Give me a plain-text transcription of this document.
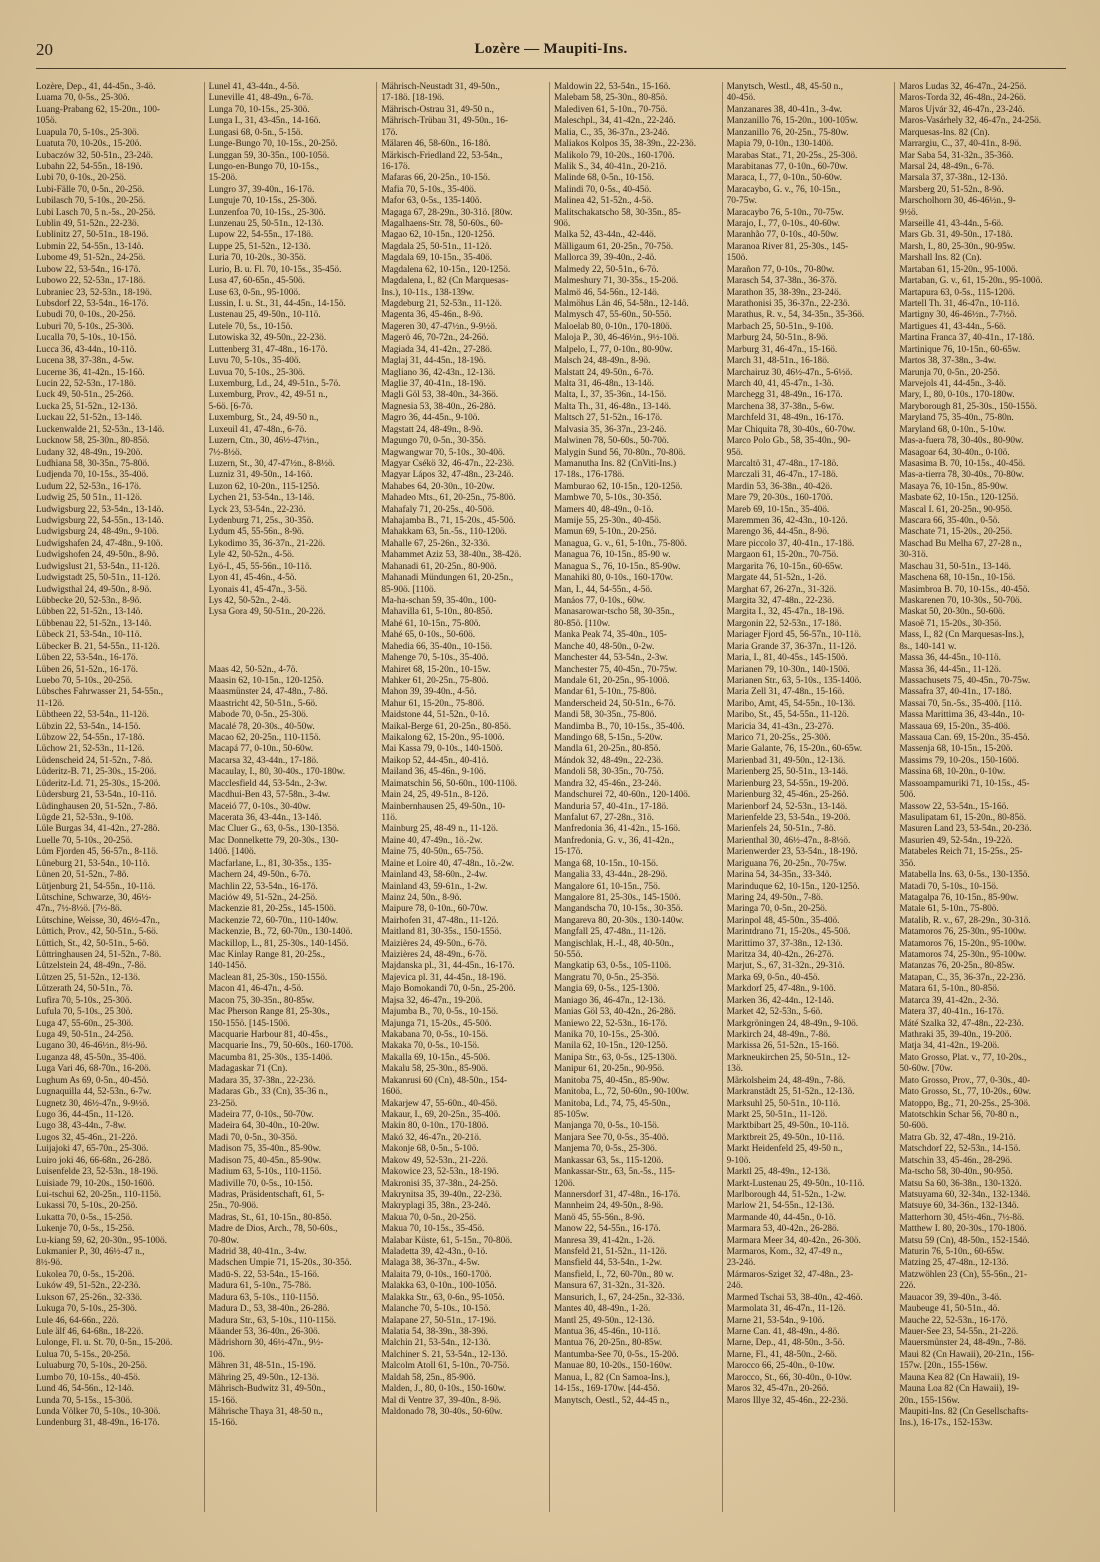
20	Lozère — Maupiti-Ins.
Lozère, Dep., 41, 44-45n., 3-4ö.
Luama 70, 0-5s., 25-30ö.
Luang-Prabang 62, 15-20n., 100-
105ö.
Luapula 70, 5-10s., 25-30ö.
Luatuta 70, 10-20s., 15-20ö.
Lubaczów 32, 50-51n., 23-24ö.
Lubahn 22, 54-55n., 18-19ö.
Lubi 70, 0-10s., 20-25ö.
Lubi-Fälle 70, 0-5n., 20-25ö.
Lubilasch 70, 5-10s., 20-25ö.
Lubi Lasch 70, 5 n.-5s., 20-25ö.
Lublin 49, 51-52n., 22-23ö.
Lublinitz 27, 50-51n., 18-19ö.
Lubmin 22, 54-55n., 13-14ö.
Lubome 49, 51-52n., 24-25ö.
Lubow 22, 53-54n., 16-17ö.
Lubowo 22, 52-53n., 17-18ö.
Lubraniec 23, 52-53n., 18-19ö.
Lubsdorf 22, 53-54n., 16-17ö.
Lubudi 70, 0-10s., 20-25ö.
Luburi 70, 5-10s., 25-30ö.
Lucalla 70, 5-10s., 10-15ö.
Lucca 36, 43-44n., 10-11ö.
Lucena 38, 37-38n., 4-5w.
Lucerne 36, 41-42n., 15-16ö.
Lucin 22, 52-53n., 17-18ö.
Luck 49, 50-51n., 25-26ö.
Lucka 25, 51-52n., 12-13ö.
Luckau 22, 51-52n., 13-14ö.
Luckenwalde 21, 52-53n., 13-14ö.
Lucknow 58, 25-30n., 80-85ö.
Ludany 32, 48-49n., 19-20ö.
Ludhiana 58, 30-35n., 75-80ö.
Ludjenda 70, 10-15s., 35-40ö.
Ludum 22, 52-53n., 16-17ö.
Ludwig 25, 50 51n., 11-12ö.
Ludwigsburg 22, 53-54n., 13-14ö.
Ludwigsburg 22, 54-55n., 13-14ö.
Ludwigsburg 24, 48-49n., 9-10ö.
Ludwigshafen 24, 47-48n., 9-10ö.
Ludwigshofen 24, 49-50n., 8-9ö.
Ludwigslust 21, 53-54n., 11-12ö.
Ludwigstadt 25, 50-51n., 11-12ö.
Ludwigsthal 24, 49-50n., 8-9ö.
Lübbecke 20, 52-53n., 8-9ö.
Lübben 22, 51-52n., 13-14ö.
Lübbenau 22, 51-52n., 13-14ö.
Lübeck 21, 53-54n., 10-11ö.
Lübecker B. 21, 54-55n., 11-12ö.
Lüben 22, 53-54n., 16-17ö.
Lüben 26, 51-52n., 16-17ö.
Luebo 70, 5-10s., 20-25ö.
Lübsches Fahrwasser 21, 54-55n.,
11-12ö.
Lübtheen 22, 53-54n., 11-12ö.
Lübzin 22, 53-54n., 14-15ö.
Lübzow 22, 54-55n., 17-18ö.
Lüchow 21, 52-53n., 11-12ö.
Lüdenscheid 24, 51-52n., 7-8ö.
Lüderitz-B. 71, 25-30s., 15-20ö.
Lüderitz-Ld. 71, 25-30s., 15-20ö.
Lüdersburg 21, 53-54n., 10-11ö.
Lüdinghausen 20, 51-52n., 7-8ö.
Lügde 21, 52-53n., 9-10ö.
Lüle Burgas 34, 41-42n., 27-28ö.
Luelle 70, 5-10s., 20-25ö.
Lüm Fjorden 45, 56-57n., 8-11ö.
Lüneburg 21, 53-54n., 10-11ö.
Lünen 20, 51-52n., 7-8ö.
Lütjenburg 21, 54-55n., 10-11ö.
Lütschine, Schwarze, 30, 46½-
47n., 7½-8½ö. [7½-8ö.
Lütschine, Weisse, 30, 46½-47n.,
Lüttich, Prov., 42, 50-51n., 5-6ö.
Lüttich, St., 42, 50-51n., 5-6ö.
Lüttringhausen 24, 51-52n., 7-8ö.
Lützelstein 24, 48-49n., 7-8ö.
Lützen 25, 51-52n., 12-13ö.
Lützerath 24, 50-51n., 7ö.
Lufira 70, 5-10s., 25-30ö.
Lufula 70, 5-10s., 25 30ö.
Luga 47, 55-60n., 25-30ö.
Luga 49, 50-51n., 24-25ö.
Lugano 30, 46-46½n., 8½-9ö.
Luganza 48, 45-50n., 35-40ö.
Luga Vari 46, 68-70n., 16-20ö.
Lughum As 69, 0-5n., 40-45ö.
Lugnaquilla 44, 52-53n., 6-7w.
Lugnetz 30, 46½-47n., 9-9½ö.
Lugo 36, 44-45n., 11-12ö.
Lugo 38, 43-44n., 7-8w.
Lugos 32, 45-46n., 21-22ö.
Luijajoki 47, 65-70n., 25-30ö.
Luiro joki 46, 66-68n., 26-28ö.
Luisenfelde 23, 52-53n., 18-19ö.
Luisiade 79, 10-20s., 150-160ö.
Lui-tschui 62, 20-25n., 110-115ö.
Lukassi 70, 5-10s., 20-25ö.
Lukatta 70, 0-5s., 15-25ö.
Lukenje 70, 0-5s., 15-25ö.
Lu-kiang 59, 62, 20-30n., 95-100ö.
Lukmanier P., 30, 46½-47 n.,
8½-9ö.
Lukolea 70, 0-5s., 15-20ö.
Luków 49, 51-52n., 22-23ö.
Lukson 67, 25-26n., 32-33ö.
Lukuga 70, 5-10s., 25-30ö.
Lule 46, 64-66n., 22ö.
Lule älf 46, 64-68n., 18-22ö.
Lulonge, Fl. u. St. 70, 0-5n., 15-20ö.
Lulua 70, 5-15s., 20-25ö.
Luluaburg 70, 5-10s., 20-25ö.
Lumbo 70, 10-15s., 40-45ö.
Lund 46, 54-56n., 12-14ö.
Lunda 70, 5-15s., 15-30ö.
Lunda Völker 70, 5-10s., 10-30ö.
Lundenburg 31, 48-49n., 16-17ö.
Lunel 41, 43-44n., 4-5ö.
Luneville 41, 48-49n., 6-7ö.
Lunga 70, 10-15s., 25-30ö.
Lunga I., 31, 43-45n., 14-16ö.
Lungasi 68, 0-5n., 5-15ö.
Lunge-Bungo 70, 10-15s., 20-25ö.
Lunggan 59, 30-35n., 100-105ö.
Lungo-en-Bungo 70, 10-15s.,
15-20ö.
Lungro 37, 39-40n., 16-17ö.
Lunguje 70, 10-15s., 25-30ö.
Lunzenfoa 70, 10-15s., 25-30ö.
Lunzenau 25, 50-51n., 12-13ö.
Lupow 22, 54-55n., 17-18ö.
Luppe 25, 51-52n., 12-13ö.
Luria 70, 10-20s., 30-35ö.
Lurio, B. u. Fl. 70, 10-15s., 35-45ö.
Lusa 47, 60-65n., 45-50ö.
Luse 63, 0-5n., 95-100ö.
Lussin, I. u. St., 31, 44-45n., 14-15ö.
Lustenau 25, 49-50n., 10-11ö.
Lutele 70, 5s., 10-15ö.
Lutowiska 32, 49-50n., 22-23ö.
Luttenberg 31, 47-48n., 16-17ö.
Luvu 70, 5-10s., 35-40ö.
Luvua 70, 5-10s., 25-30ö.
Luxemburg, Ld., 24, 49-51n., 5-7ö.
Luxemburg, Prov., 42, 49-51 n.,
5-6ö. [6-7ö.
Luxemburg, St., 24, 49-50 n.,
Luxeuil 41, 47-48n., 6-7ö.
Luzern, Ctn., 30, 46½-47½n.,
7½-8½ö.
Luzern, St., 30, 47-47½n., 8-8½ö.
Luzniz 31, 49-50n., 14-16ö.
Luzon 62, 10-20n., 115-125ö.
Lychen 21, 53-54n., 13-14ö.
Lyck 23, 53-54n., 22-23ö.
Lydenburg 71, 25s., 30-35ö.
Lydum 45, 55-56n., 8-9ö.
Lykodimo 35, 36-37n., 21-22ö.
Lyle 42, 50-52n., 4-5ö.
Lyö-I., 45, 55-56n., 10-11ö.
Lyon 41, 45-46n., 4-5ö.
Lyonais 41, 45-47n., 3-5ö.
Lys 42, 50-52n., 2-4ö.
Lysa Gora 49, 50-51n., 20-22ö.

Maas 42, 50-52n., 4-7ö.
Maasin 62, 10-15n., 120-125ö.
Maasmünster 24, 47-48n., 7-8ö.
Maastricht 42, 50-51n., 5-6ö.
Mabode 70, 0-5n., 25-30ö.
Macalé 78, 20-30s., 40-50w.
Macao 62, 20-25n., 110-115ö.
Macapá 77, 0-10n., 50-60w.
Macarsa 32, 43-44n., 17-18ö.
Macaulay, I., 80, 30-40s., 170-180w.
Macclesfield 44, 53-54n., 2-3w.
Macdhui-Ben 43, 57-58n., 3-4w.
Maceió 77, 0-10s., 30-40w.
Macerata 36, 43-44n., 13-14ö.
Mac Cluer G., 63, 0-5s., 130-135ö.
Mac Donnelkette 79, 20-30s., 130-
140ö. [140ö.
Macfarlane, L., 81, 30-35s., 135-
Machern 24, 49-50n., 6-7ö.
Machlin 22, 53-54n., 16-17ö.
Maciów 49, 51-52n., 24-25ö.
Mackenzie 81, 20-25s., 145-150ö.
Mackenzie 72, 60-70n., 110-140w.
Mackenzie, B., 72, 60-70n., 130-140ö.
Mackillop, L., 81, 25-30s., 140-145ö.
Mac Kinlay Range 81, 20-25s.,
140-145ö.
Maclean 81, 25-30s., 150-155ö.
Macon 41, 46-47n., 4-5ö.
Macon 75, 30-35n., 80-85w.
Mac Pherson Range 81, 25-30s.,
150-155ö. [145-150ö.
Macquarie Harbour 81, 40-45s.,
Macquarie Ins., 79, 50-60s., 160-170ö.
Macumba 81, 25-30s., 135-140ö.
Madagaskar 71 (Cn).
Madara 35, 37-38n., 22-23ö.
Madaras Gb., 33 (Cn), 35-36 n.,
23-25ö.
Madeira 77, 0-10s., 50-70w.
Madeira 64, 30-40n., 10-20w.
Madi 70, 0-5n., 30-35ö.
Madison 75, 35-40n., 85-90w.
Madison 75, 40-45n., 85-90w.
Madium 63, 5-10s., 110-115ö.
Madiville 70, 0-5s., 10-15ö.
Madras, Präsidentschaft, 61, 5-
25n., 70-90ö.
Madras, St., 61, 10-15n., 80-85ö.
Madre de Dios, Arch., 78, 50-60s.,
70-80w.
Madrid 38, 40-41n., 3-4w.
Madschen Umpie 71, 15-20s., 30-35ö.
Madū-S. 22, 53-54n., 15-16ö.
Madura 61, 5-10n., 75-78ö.
Madura 63, 5-10s., 110-115ö.
Madura D., 53, 38-40n., 26-28ö.
Madura Str., 63, 5-10s., 110-115ö.
Mäander 53, 36-40n., 26-30ö.
Mädrishorn 30, 46½-47n., 9½-
10ö.
Mähren 31, 48-51n., 15-19ö.
Mähring 25, 49-50n., 12-13ö.
Mährisch-Budwitz 31, 49-50n.,
15-16ö.
Mährische Thaya 31, 48-50 n.,
15-16ö.
Mährisch-Neustadt 31, 49-50n.,
17-18ö. [18-19ö.
Mährisch-Ostrau 31, 49-50 n.,
Mährisch-Trübau 31, 49-50n., 16-
17ö.
Mälaren 46, 58-60n., 16-18ö.
Märkisch-Friedland 22, 53-54n.,
16-17ö.
Mafaras 66, 20-25n., 10-15ö.
Mafia 70, 5-10s., 35-40ö.
Mafor 63, 0-5s., 135-140ö.
Magaga 67, 28-29n., 30-31ö. [80w.
Magalhaens-Str. 78, 50-60s., 60-
Magao 62, 10-15n., 120-125ö.
Magdala 25, 50-51n., 11-12ö.
Magdala 69, 10-15n., 35-40ö.
Magdalena 62, 10-15n., 120-125ö.
Magdalena, I., 82 (Cn Marquesas-
Ins.), 10-11s., 138-139w.
Magdeburg 21, 52-53n., 11-12ö.
Magenta 36, 45-46n., 8-9ö.
Mageren 30, 47-47½n., 9-9½ö.
Magerö 46, 70-72n., 24-26ö.
Magiada 34, 41-42n., 27-28ö.
Maglaj 31, 44-45n., 18-19ö.
Magliano 36, 42-43n., 12-13ö.
Maglie 37, 40-41n., 18-19ö.
Magli Göl 53, 38-40n., 34-36ö.
Magnesia 53, 38-40n., 26-28ö.
Magro 36, 44-45n., 9-10ö.
Magstatt 24, 48-49n., 8-9ö.
Magungo 70, 0-5n., 30-35ö.
Magwangwar 70, 5-10s., 30-40ö.
Magyar Csékö 32, 46-47n., 22-23ö.
Magyar Lápos 32, 47-48n., 23-24ö.
Mahabes 64, 20-30n., 10-20w.
Mahadeo Mts., 61, 20-25n., 75-80ö.
Mahafaly 71, 20-25s., 40-50ö.
Mahajamba B., 71, 15-20s., 45-50ö.
Mahakkam 63, 5n.-5s., 110-120ö.
Mahalle 67, 25-26n., 32-33ö.
Mahammet Aziz 53, 38-40n., 38-42ö.
Mahanadi 61, 20-25n., 80-90ö.
Mahanadi Mündungen 61, 20-25n.,
85-90ö. [110ö.
Ma-ha-schan 59, 35-40n., 100-
Mahavilla 61, 5-10n., 80-85ö.
Mahé 61, 10-15n., 75-80ö.
Mahé 65, 0-10s., 50-60ö.
Mahedia 66, 35-40n., 10-15ö.
Mahenge 70, 5-10s., 35-40ö.
Mahiret 68, 15-20n., 10-15w.
Mahker 61, 20-25n., 75-80ö.
Mahon 39, 39-40n., 4-5ö.
Mahur 61, 15-20n., 75-80ö.
Maidstone 44, 51-52n., 0-1ö.
Maikal-Berge 61, 20-25n., 80-85ö.
Maikalong 62, 15-20n., 95-100ö.
Mai Kassa 79, 0-10s., 140-150ö.
Maikop 52, 44-45n., 40-41ö.
Mailand 36, 45-46n., 9-10ö.
Maimatschin 56, 50-60n., 100-110ö.
Main 24, 25, 49-51n., 8-12ö.
Mainbernhausen 25, 49-50n., 10-
11ö.
Mainburg 25, 48-49 n., 11-12ö.
Maine 40, 47-49n., 1ö.-2w.
Maine 75, 40-50n., 65-75ö.
Maine et Loire 40, 47-48n., 1ö.-2w.
Mainland 43, 58-60n., 2-4w.
Mainland 43, 59-61n., 1-2w.
Mainz 24, 50n., 8-9ö.
Maipure 78, 0-10n., 60-70w.
Mairhofen 31, 47-48n., 11-12ö.
Maitland 81, 30-35s., 150-155ö.
Maizières 24, 49-50n., 6-7ö.
Maizières 24, 48-49n., 6-7ö.
Majdanska pl., 31, 44-45n., 16-17ö.
Majevica pl. 31, 44-45n., 18-19ö.
Majo Bomokandi 70, 0-5n., 25-20ö.
Majsa 32, 46-47n., 19-20ö.
Majumba B., 70, 0-5s., 10-15ö.
Majunga 71, 15-20s., 45-50ö.
Makabana 70, 0-5s., 10-15ö.
Makaka 70, 0-5s., 10-15ö.
Makalla 69, 10-15n., 45-50ö.
Makalu 58, 25-30n., 85-90ö.
Makanrusi 60 (Cn), 48-50n., 154-
160ö.
Makarjew 47, 55-60n., 40-45ö.
Makaur, I., 69, 20-25n., 35-40ö.
Makin 80, 0-10n., 170-180ö.
Makó 32, 46-47n., 20-21ö.
Makonje 68, 0-5n., 5-10ö.
Makow 49, 52-53n., 21-22ö.
Makowice 23, 52-53n., 18-19ö.
Makronisi 35, 37-38n., 24-25ö.
Makrynitsa 35, 39-40n., 22-23ö.
Makryplagi 35, 38n., 23-24ö.
Makua 70, 0-5n., 20-25ö.
Makua 70, 10-15s., 35-45ö.
Malabar Küste, 61, 5-15n., 70-80ö.
Maladetta 39, 42-43n., 0-1ö.
Malaga 38, 36-37n., 4-5w.
Malaita 79, 0-10s., 160-170ö.
Malakka 63, 0-10n., 100-105ö.
Malakka Str., 63, 0-6n., 95-105ö.
Malanche 70, 5-10s., 10-15ö.
Malapane 27, 50-51n., 17-19ö.
Malatia 54, 38-39n., 38-39ö.
Malchin 21, 53-54n., 12-13ö.
Malchiner S. 21, 53-54n., 12-13ö.
Malcolm Atoll 61, 5-10n., 70-75ö.
Maldah 58, 25n., 85-90ö.
Malden, J., 80, 0-10s., 150-160w.
Mal di Ventre 37, 39-40n., 8-9ö.
Maldonado 78, 30-40s., 50-60w.
Maldowin 22, 53-54n., 15-16ö.
Malebam 58, 25-30n., 80-85ö.
Malediven 61, 5-10n., 70-75ö.
Maleschpl., 34, 41-42n., 22-24ö.
Malia, C., 35, 36-37n., 23-24ö.
Maliakos Kolpos 35, 38-39n., 22-23ö.
Malikolo 79, 10-20s., 160-170ö.
Malik S., 34, 40-41n., 20-21ö.
Malinde 68, 0-5n., 10-15ö.
Malindi 70, 0-5s., 40-45ö.
Malinea 42, 51-52n., 4-5ö.
Malitschakatscho 58, 30-35n., 85-
90ö.
Malka 52, 43-44n., 42-44ö.
Mälligaum 61, 20-25n., 70-75ö.
Mallorca 39, 39-40n., 2-4ö.
Malmedy 22, 50-51n., 6-7ö.
Malmeshury 71, 30-35s., 15-20ö.
Malmö 46, 54-56n., 12-14ö.
Malmöhus Län 46, 54-58n., 12-14ö.
Malmysch 47, 55-60n., 50-55ö.
Maloelab 80, 0-10n., 170-180ö.
Maloja P., 30, 46-46½n., 9½-10ö.
Malpelo, I., 77, 0-10n., 80-90w.
Malsch 24, 48-49n., 8-9ö.
Malstatt 24, 49-50n., 6-7ö.
Malta 31, 46-48n., 13-14ö.
Malta, I., 37, 35-36n., 14-15ö.
Malta Th., 31, 46-48n., 13-14ö.
Maltsch 27, 51-52n., 16-17ö.
Malvasia 35, 36-37n., 23-24ö.
Malwinen 78, 50-60s., 50-70ö.
Malygin Sund 56, 70-80n., 70-80ö.
Mamanutha Ins. 82 (CnViti-Ins.)
17-18s., 176-178ö.
Mamburao 62, 10-15n., 120-125ö.
Mambwe 70, 5-10s., 30-35ö.
Mamers 40, 48-49n., 0-1ö.
Mamije 55, 25-30n., 40-45ö.
Mamun 69, 5-10n., 20-25ö.
Managua, G. v., 61, 5-10n., 75-80ö.
Managua 76, 10-15n., 85-90 w.
Managua S., 76, 10-15n., 85-90w.
Manahiki 80, 0-10s., 160-170w.
Man, I., 44, 54-55n., 4-5ö.
Manáos 77, 0-10s., 60w.
Manasarowar-tscho 58, 30-35n.,
80-85ö. [110w.
Manka Peak 74, 35-40n., 105-
Manche 40, 48-50n., 0-2w.
Manchester 44, 53-54n., 2-3w.
Manchester 75, 40-45n., 70-75w.
Mandale 61, 20-25n., 95-100ö.
Mandar 61, 5-10n., 75-80ö.
Manderscheid 24, 50-51n., 6-7ö.
Mandi 58, 30-35n., 75-80ö.
Mandimba B., 70, 10-15s., 35-40ö.
Mandingo 68, 5-15n., 5-20w.
Mandla 61, 20-25n., 80-85ö.
Mándok 32, 48-49n., 22-23ö.
Mandoli 58, 30-35n., 70-75ö.
Mandra 32, 45-46n., 23-24ö.
Mandschurei 72, 40-60n., 120-140ö.
Manduria 57, 40-41n., 17-18ö.
Manfalut 67, 27-28n., 31ö.
Manfredonia 36, 41-42n., 15-16ö.
Manfredonia, G. v., 36, 41-42n.,
15-17ö.
Manga 68, 10-15n., 10-15ö.
Mangalia 33, 43-44n., 28-29ö.
Mangalore 61, 10-15n., 75ö.
Mangalore 81, 25-30s., 145-150ö.
Mangandscha 70, 10-15s., 30-35ö.
Mangareva 80, 20-30s., 130-140w.
Mangfall 25, 47-48n., 11-12ö.
Mangischlak, H.-I., 48, 40-50n.,
50-55ö.
Mangkatip 63, 0-5s., 105-110ö.
Mangratu 70, 0-5n., 25-35ö.
Mangia 69, 0-5s., 125-130ö.
Maniago 36, 46-47n., 12-13ö.
Manias Göl 53, 40-42n., 26-28ö.
Maniewo 22, 52-53n., 16-17ö.
Manika 70, 10-15s., 25-30ö.
Manila 62, 10-15n., 120-125ö.
Manipa Str., 63, 0-5s., 125-130ö.
Manipur 61, 20-25n., 90-95ö.
Manitoba 75, 40-45n., 85-90w.
Manitoba, L., 72, 50-60n., 90-100w.
Manitoba, Ld., 74, 75, 45-50n.,
85-105w.
Manjanga 70, 0-5s., 10-15ö.
Manjara See 70, 0-5s., 35-40ö.
Manjema 70, 0-5s., 25-30ö.
Mankassar 63, 5s., 115-120ö.
Mankassar-Str., 63, 5n.-5s., 115-
120ö.
Mannersdorf 31, 47-48n., 16-17ö.
Mannheim 24, 49-50n., 8-9ö.
Manö 45, 55-56n., 8-9ö.
Manow 22, 54-55n., 16-17ö.
Manresa 39, 41-42n., 1-2ö.
Mansfeld 21, 51-52n., 11-12ö.
Mansfield 44, 53-54n., 1-2w.
Mansfield, I., 72, 60-70n., 80 w.
Mansura 67, 31-32n., 31-32ö.
Mansurich, I., 67, 24-25n., 32-33ö.
Mantes 40, 48-49n., 1-2ö.
Mantl 25, 49-50n., 12-13ö.
Mantua 36, 45-46n., 10-11ö.
Mantua 76, 20-25n., 80-85w.
Mantumba-See 70, 0-5s., 15-20ö.
Manuae 80, 10-20s., 150-160w.
Manua, I., 82 (Cn Samoa-Ins.),
14-15s., 169-170w. [44-45ö.
Manytsch, Oestl., 52, 44-45 n.,
Manytsch, Westl., 48, 45-50 n.,
40-45ö.
Manzanares 38, 40-41n., 3-4w.
Manzanillo 76, 15-20n., 100-105w.
Manzanillo 76, 20-25n., 75-80w.
Mapia 79, 0-10n., 130-140ö.
Marabas Stat., 71, 20-25s., 25-30ö.
Marabitanas 77, 0-10n., 60-70w.
Maraca, I., 77, 0-10n., 50-60w.
Maracaybo, G. v., 76, 10-15n.,
70-75w.
Maracaybo 76, 5-10n., 70-75w.
Marajo, I., 77, 0-10s., 40-60w.
Maranhão 77, 0-10s., 40-50w.
Maranoa River 81, 25-30s., 145-
150ö.
Marañon 77, 0-10s., 70-80w.
Marasch 54, 37-38n., 36-37ö.
Marathon 35, 38-39n., 23-24ö.
Marathonisi 35, 36-37n., 22-23ö.
Marathus, R. v., 54, 34-35n., 35-36ö.
Marbach 25, 50-51n., 9-10ö.
Marburg 24, 50-51n., 8-9ö.
Marburg 31, 46-47n., 15-16ö.
March 31, 48-51n., 16-18ö.
Marchairuz 30, 46½-47n., 5-6½ö.
March 40, 41, 45-47n., 1-3ö.
Marchegg 31, 48-49n., 16-17ö.
Marchena 38, 37-38n., 5-6w.
Marchfeld 31, 48-49n., 16-17ö.
Mar Chiquita 78, 30-40s., 60-70w.
Marco Polo Gb., 58, 35-40n., 90-
95ö.
Marcaltö 31, 47-48n., 17-18ö.
Marczali 31, 46-47n., 17-18ö.
Mardin 53, 36-38n., 40-42ö.
Mare 79, 20-30s., 160-170ö.
Mareb 69, 10-15n., 35-40ö.
Maremmen 36, 42-43n., 10-12ö.
Marengo 36, 44-45n., 8-9ö.
Mare piccolo 37, 40-41n., 17-18ö.
Margaon 61, 15-20n., 70-75ö.
Margarita 76, 10-15n., 60-65w.
Margate 44, 51-52n., 1-2ö.
Marghat 67, 26-27n., 31-32ö.
Margita 32, 47-48n., 22-23ö.
Margita I., 32, 45-47n., 18-19ö.
Margonin 22, 52-53n., 17-18ö.
Mariager Fjord 45, 56-57n., 10-11ö.
Maria Grande 37, 36-37n., 11-12ö.
Maria, I., 81, 40-45s., 145-150ö.
Marianen 79, 10-30n., 140-150ö.
Marianen Str., 63, 5-10s., 135-140ö.
Maria Zell 31, 47-48n., 15-16ö.
Maribo, Amt, 45, 54-55n., 10-13ö.
Maribo, St., 45, 54-55n., 11-12ö.
Maricia 34, 41-43n., 23-27ö.
Marico 71, 20-25s., 25-30ö.
Marie Galante, 76, 15-20n., 60-65w.
Marienbad 31, 49-50n., 12-13ö.
Marienberg 25, 50-51n., 13-14ö.
Marienburg 23, 54-55n., 19-20ö.
Marienburg 32, 45-46n., 25-26ö.
Marienborf 24, 52-53n., 13-14ö.
Marienfelde 23, 53-54n., 19-20ö.
Marienfels 24, 50-51n., 7-8ö.
Marienthal 30, 46½-47n., 8-8½ö.
Marienwerder 23, 53-54n., 18-19ö.
Mariguana 76, 20-25n., 70-75w.
Marina 54, 34-35n., 33-34ö.
Marinduque 62, 10-15n., 120-125ö.
Maring 24, 49-50n., 7-8ö.
Maringa 70, 0-5n., 20-25ö.
Marinpol 48, 45-50n., 35-40ö.
Marintdrano 71, 15-20s., 45-50ö.
Marittimo 37, 37-38n., 12-13ö.
Maritza 34, 40-42n., 26-27ö.
Marjut, S., 67, 31-32n., 29-31ö.
Marka 69, 0-5n., 40-45ö.
Markdorf 25, 47-48n., 9-10ö.
Marken 36, 42-44n., 12-14ö.
Market 42, 52-53n., 5-6ö.
Markgröningen 24, 48-49n., 9-10ö.
Markirch 24, 48-49n., 7-8ö.
Markissa 26, 51-52n., 15-16ö.
Markneukirchen 25, 50-51n., 12-
13ö.
Märkolsheim 24, 48-49n., 7-8ö.
Markranstädt 25, 51-52n., 12-13ö.
Marksuhl 25, 50-51n., 10-11ö.
Markt 25, 50-51n., 11-12ö.
Marktbibart 25, 49-50n., 10-11ö.
Marktbreit 25, 49-50n., 10-11ö.
Markt Heidenfeld 25, 49-50 n.,
9-10ö.
Marktl 25, 48-49n., 12-13ö.
Markt-Lustenau 25, 49-50n., 10-11ö.
Marlborough 44, 51-52n., 1-2w.
Marlow 21, 54-55n., 12-13ö.
Marmande 40, 44-45n., 0-1ö.
Marmara 53, 40-42n., 26-28ö.
Marmara Meer 34, 40-42n., 26-30ö.
Marmaros, Kom., 32, 47-49 n.,
23-24ö.
Mármaros-Sziget 32, 47-48n., 23-
24ö.
Marmed Tschai 53, 38-40n., 42-46ö.
Marmolata 31, 46-47n., 11-12ö.
Marne 21, 53-54n., 9-10ö.
Marne Can. 41, 48-49n., 4-8ö.
Marne, Dep., 41, 48-50n., 3-5ö.
Marne, Fl., 41, 48-50n., 2-6ö.
Marocco 66, 25-40n., 0-10w.
Marocco, St., 66, 30-40n., 0-10w.
Maros 32, 45-47n., 20-26ö.
Maros Illye 32, 45-46n., 22-23ö.
Maros Ludas 32, 46-47n., 24-25ö.
Maros-Torda 32, 46-48n., 24-26ö.
Maros Ujvár 32, 46-47n., 23-24ö.
Maros-Vasárhely 32, 46-47n., 24-25ö.
Marquesas-Ins. 82 (Cn).
Marrargiu, C., 37, 40-41n., 8-9ö.
Mar Saba 54, 31-32n., 35-36ö.
Marsal 24, 48-49n., 6-7ö.
Marsala 37, 37-38n., 12-13ö.
Marsberg 20, 51-52n., 8-9ö.
Marscholhorn 30, 46-46½n., 9-
9½ö.
Marseille 41, 43-44n., 5-6ö.
Mars Gb. 31, 49-50n., 17-18ö.
Marsh, I., 80, 25-30n., 90-95w.
Marshall Ins. 82 (Cn).
Martaban 61, 15-20n., 95-100ö.
Martaban, G. v., 61, 15-20n., 95-100ö.
Martapura 63, 0-5s., 115-120ö.
Martell Th. 31, 46-47n., 10-11ö.
Martigny 30, 46-46½n., 7-7½ö.
Martigues 41, 43-44n., 5-6ö.
Martina Franca 37, 40-41n., 17-18ö.
Martinique 76, 10-15n., 60-65w.
Martos 38, 37-38n., 3-4w.
Marunja 70, 0-5n., 20-25ö.
Marvejols 41, 44-45n., 3-4ö.
Mary, I., 80, 0-10s., 170-180w.
Maryborough 81, 25-30s., 150-155ö.
Maryland 75, 35-40n., 75-80n.
Maryland 68, 0-10n., 5-10w.
Mas-a-fuera 78, 30-40s., 80-90w.
Masagoar 64, 30-40n., 0-10ö.
Masasima B. 70, 10-15s., 40-45ö.
Mas-a-tierra 78, 30-40s., 70-80w.
Masaya 76, 10-15n., 85-90w.
Masbate 62, 10-15n., 120-125ö.
Mascal I. 61, 20-25n., 90-95ö.
Mascara 66, 35-40n., 0-5ö.
Maschate 71, 15-20s., 20-25ö.
Maschad Bu Melha 67, 27-28 n.,
30-31ö.
Maschau 31, 50-51n., 13-14ö.
Maschena 68, 10-15n., 10-15ö.
Masimbroa B. 70, 10-15s., 40-45ö.
Maskarenen 70, 10-30s., 50-70ö.
Maskat 50, 20-30n., 50-60ö.
Masoë 71, 15-20s., 30-35ö.
Mass, I., 82 (Cn Marquesas-Ins.),
8s., 140-141 w.
Massa 36, 44-45n., 10-11ö.
Massa 36, 44-45n., 11-12ö.
Massachusets 75, 40-45n., 70-75w.
Massafra 37, 40-41n., 17-18ö.
Massai 70, 5n.-5s., 35-40ö. [11ö.
Massa Marittima 36, 43-44n., 10-
Massaua 69, 15-20n., 35-40ö.
Massaua Can. 69, 15-20n., 35-45ö.
Massenja 68, 10-15n., 15-20ö.
Massims 79, 10-20s., 150-160ö.
Massina 68, 10-20n., 0-10w.
Massoampamuriki 71, 10-15s., 45-
50ö.
Massow 22, 53-54n., 15-16ö.
Masulipatam 61, 15-20n., 80-85ö.
Masuren Land 23, 53-54n., 20-23ö.
Masurien 49, 52-54n., 19-22ö.
Matabeles Reich 71, 15-25s., 25-
35ö.
Matabella Ins. 63, 0-5s., 130-135ö.
Matadi 70, 5-10s., 10-15ö.
Matagalpa 76, 10-15n., 85-90w.
Matale 61, 5-10n., 75-80ö.
Matalib, R. v., 67, 28-29n., 30-31ö.
Matamoros 76, 25-30n., 95-100w.
Matamoros 76, 15-20n., 95-100w.
Matamoros 74, 25-30n., 95-100w.
Matanzas 76, 20-25n., 80-85w.
Matapan, C., 35, 36-37n., 22-23ö.
Matara 61, 5-10n., 80-85ö.
Matarca 39, 41-42n., 2-3ö.
Matera 37, 40-41n., 16-17ö.
Máté Szalka 32, 47-48n., 22-23ö.
Mathraki 35, 39-40n., 19-20ö.
Matja 34, 41-42n., 19-20ö.
Mato Grosso, Plat. v., 77, 10-20s.,
50-60w. [70w.
Mato Grosso, Prov., 77, 0-30s., 40-
Mato Grosso, St., 77, 10-20s., 60w.
Matoppo, Bg., 71, 20-25s., 25-30ö.
Matotschkin Schar 56, 70-80 n.,
50-60ö.
Matra Gb. 32, 47-48n., 19-21ö.
Matschdorf 22, 52-53n., 14-15ö.
Matschin 33, 45-46n., 28-29ö.
Ma-tscho 58, 30-40n., 90-95ö.
Matsu Sa 60, 36-38n., 130-132ö.
Matsuyama 60, 32-34n., 132-134ö.
Matsuye 60, 34-36n., 132-134ö.
Matterhorn 30, 45½-46n., 7½-8ö.
Matthew I. 80, 20-30s., 170-180ö.
Matsu 59 (Cn), 48-50n., 152-154ö.
Maturin 76, 5-10n., 60-65w.
Matzing 25, 47-48n., 12-13ö.
Matzwöhlen 23 (Cn), 55-56n., 21-
22ö.
Mauacor 39, 39-40n., 3-4ö.
Maubeuge 41, 50-51n., 4ö.
Mauche 22, 52-53n., 16-17ö.
Mauer-See 23, 54-55n., 21-22ö.
Mauersmünster 24, 48-49n., 7-8ö.
Maui 82 (Cn Hawaii), 20-21n., 156-
157w. [20n., 155-156w.
Mauna Kea 82 (Cn Hawaii), 19-
Mauna Loa 82 (Cn Hawaii), 19-
20n., 155-156w.
Maupiti-Ins. 82 (Cn Gesellschafts-
Ins.), 16-17s., 152-153w.
